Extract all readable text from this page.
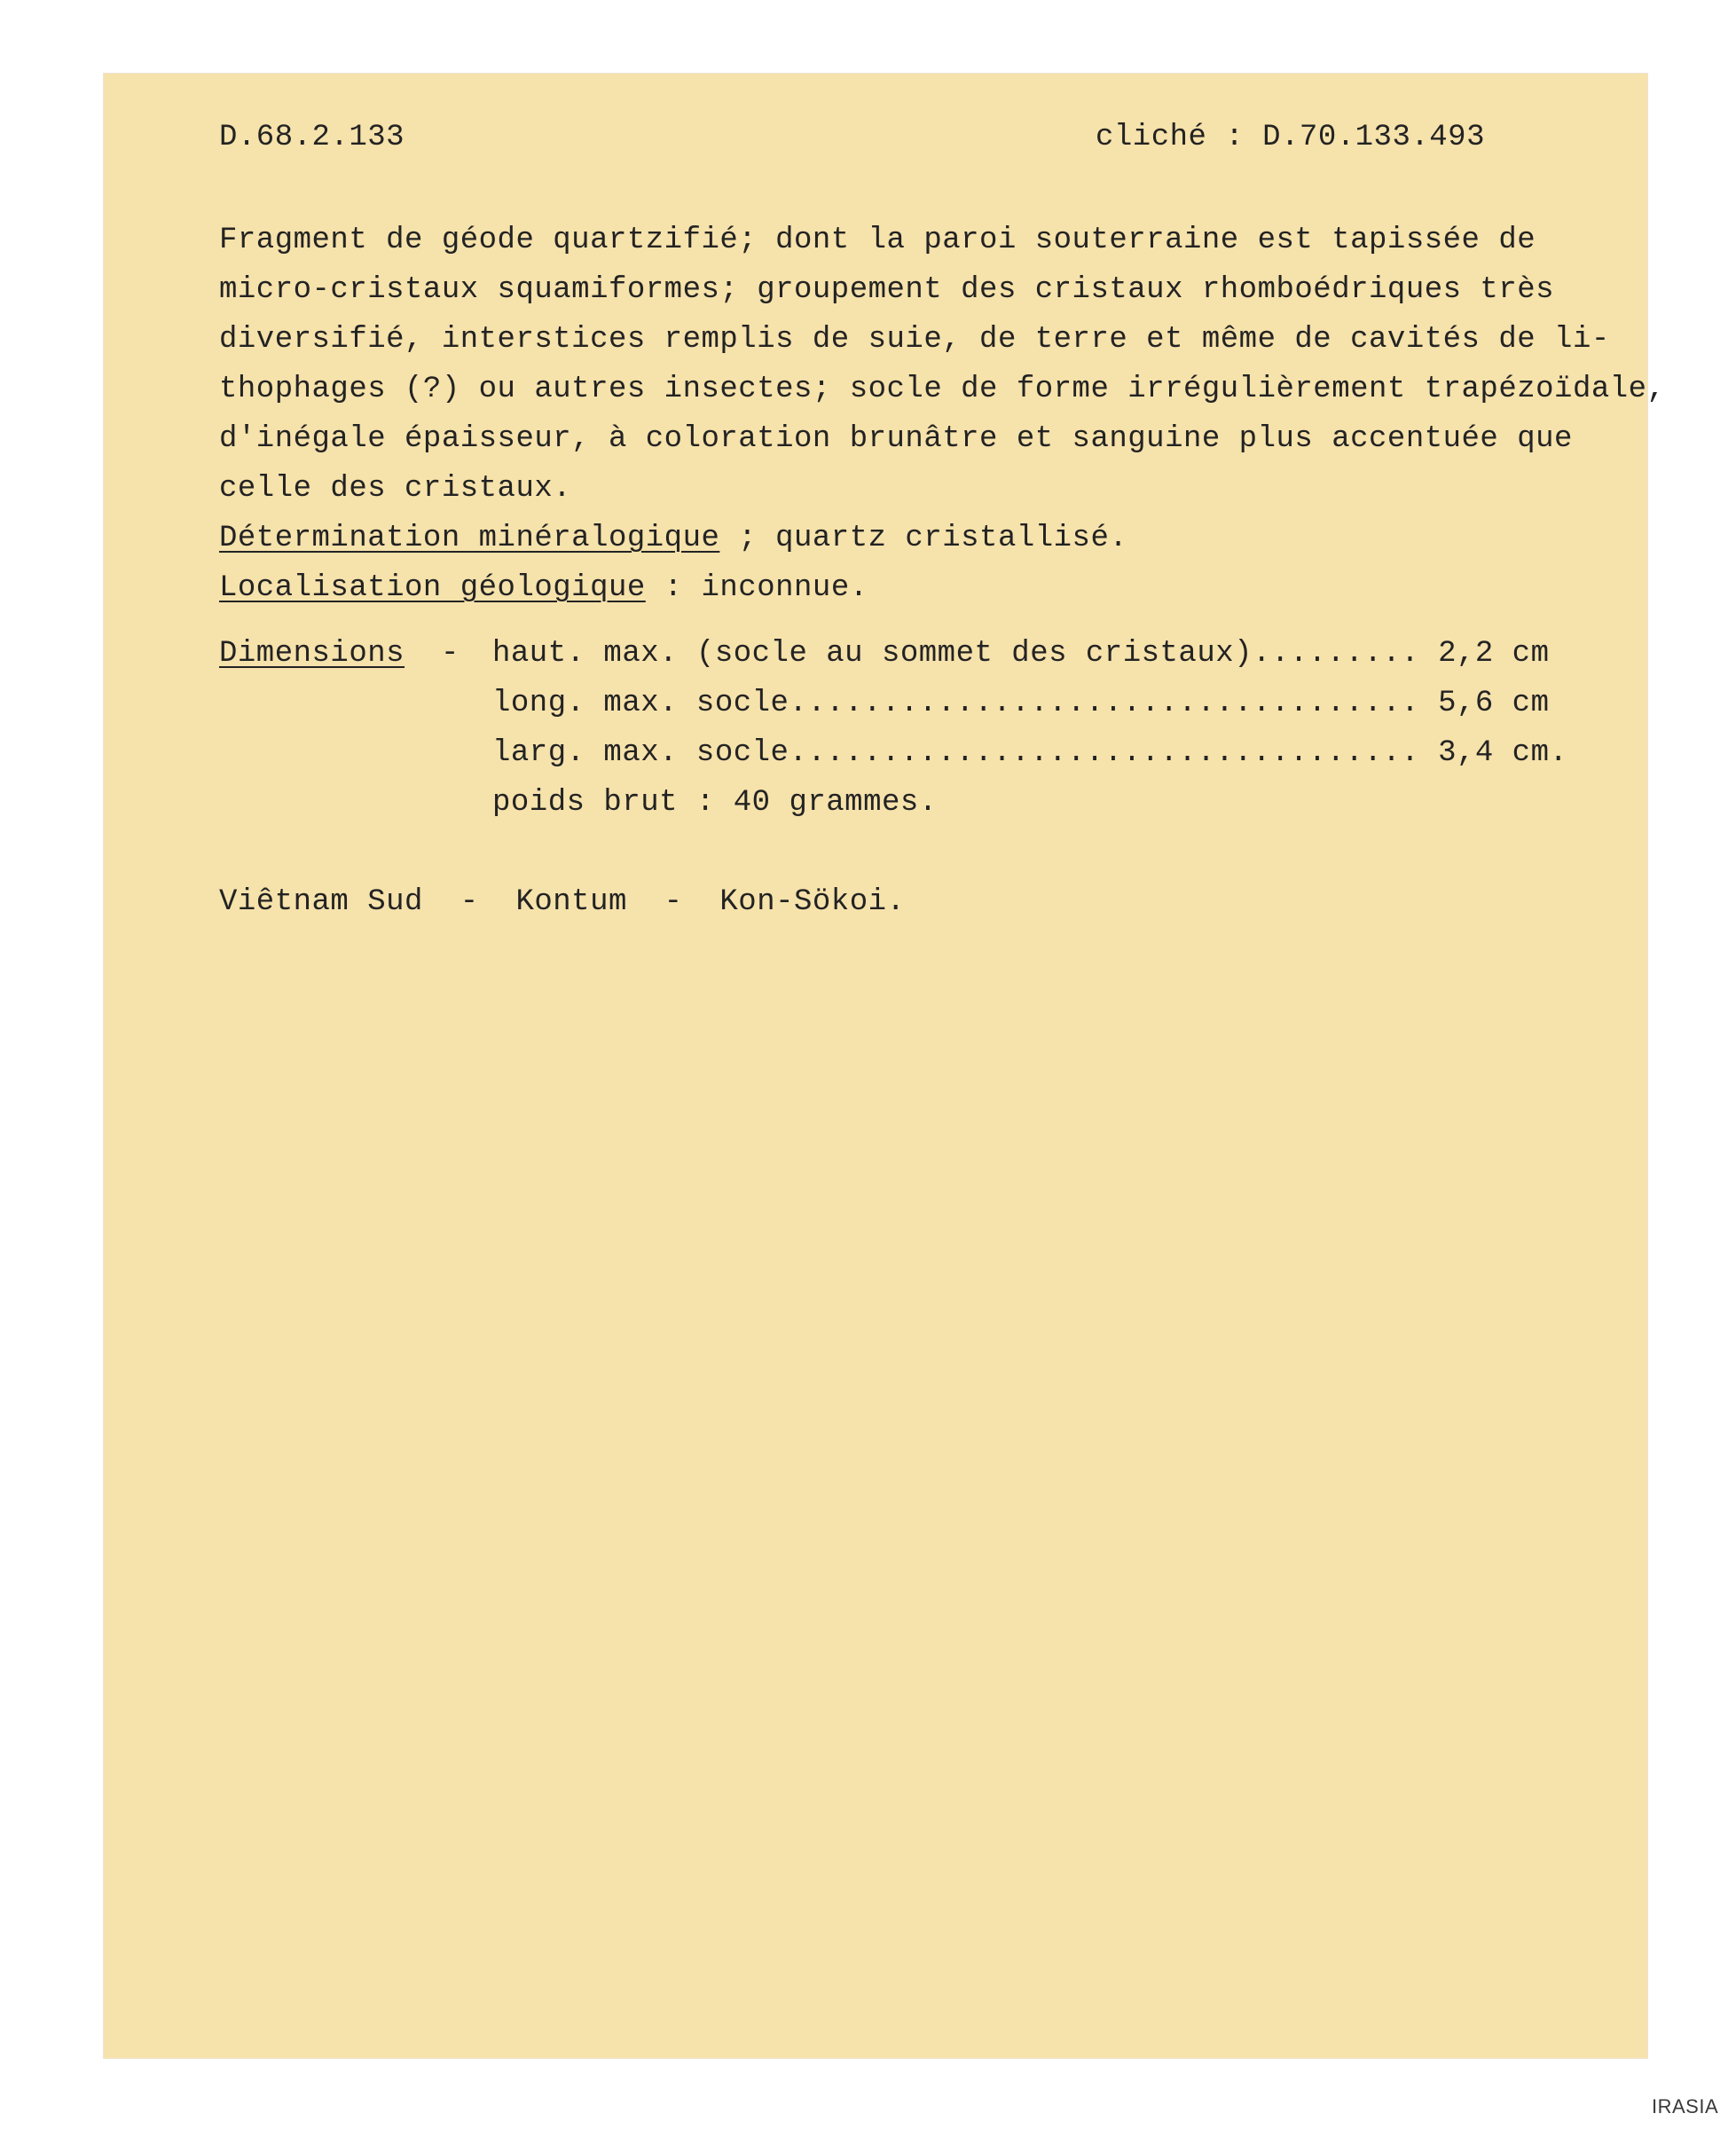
D.68.2.133	cliché : D.70.133.493
Fragment de géode quartzifié; dont la paroi souterraine est tapissée de
micro-cristaux squamiformes; groupement des cristaux rhomboédriques très
diversifié, interstices remplis de suie, de terre et même de cavités de li-
thophages (?) ou autres insectes; socle de forme irrégulièrement trapézoïdale,
d'inégale épaisseur, à coloration brunâtre et sanguine plus accentuée que
celle des cristaux.
Détermination minéralogique ; quartz cristallisé.
Localisation géologique : inconnue.
Dimensions - haut. max. (socle au sommet des cristaux)......... 2,2 cm
long. max. socle.................................. 5,6 cm
larg. max. socle.................................. 3,4 cm.
poids brut : 40 grammes.
Viêtnam Sud  -  Kontum  -  Kon-Sökoi.
IRASIA
